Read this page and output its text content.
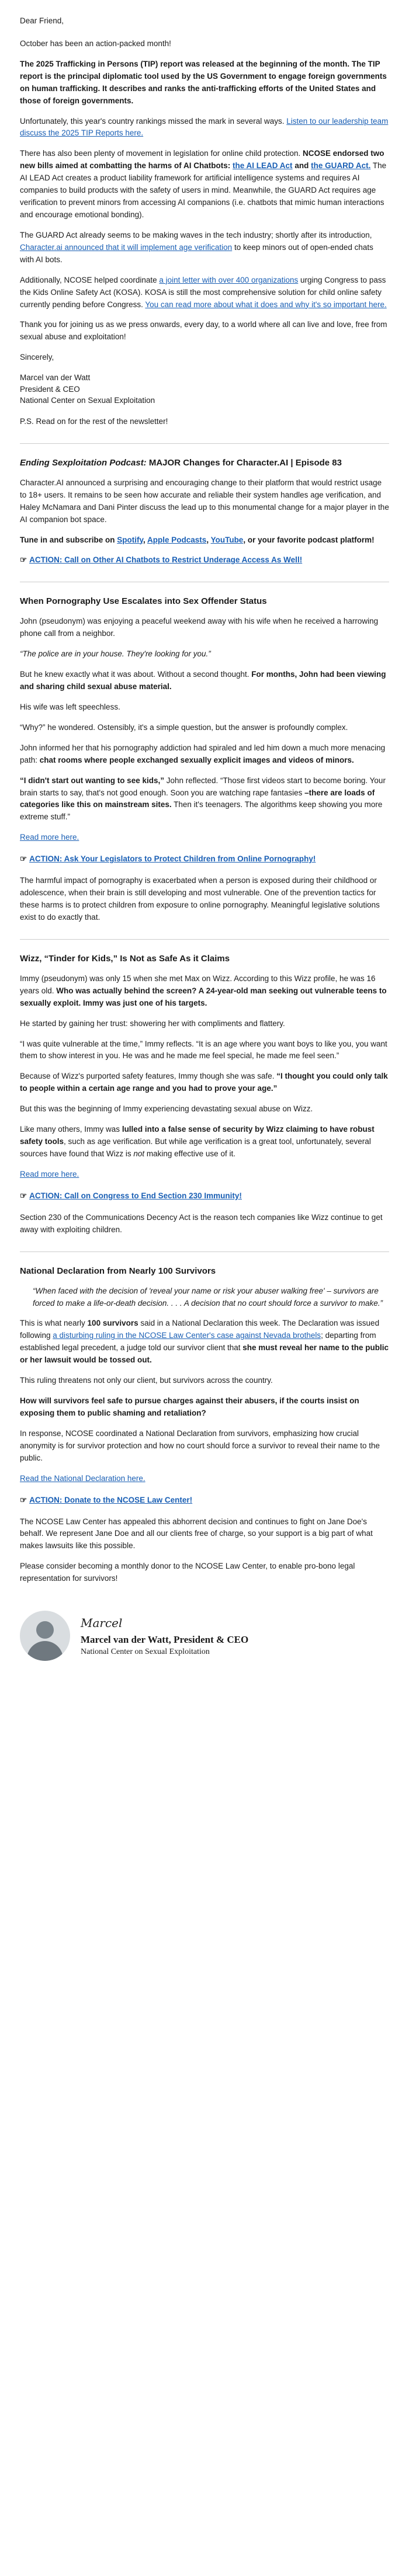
Dear Friend,

October has been an action-packed month!

The 2025 Trafficking in Persons (TIP) report was released at the beginning of the month. The TIP report is the principal diplomatic tool used by the US Government to engage foreign governments on human trafficking. It describes and ranks the anti-trafficking efforts of the United States and those of foreign governments.

Unfortunately, this year's country rankings missed the mark in several ways. Listen to our leadership team discuss the 2025 TIP Reports here.

There has also been plenty of movement in legislation for online child protection. NCOSE endorsed two new bills aimed at combatting the harms of AI Chatbots: the AI LEAD Act and the GUARD Act. The AI LEAD Act creates a product liability framework for artificial intelligence systems and requires AI companies to build products with the safety of users in mind. Meanwhile, the GUARD Act requires age verification to prevent minors from accessing AI companions (i.e. chatbots that mimic human interactions and encourage emotional bonding).

The GUARD Act already seems to be making waves in the tech industry; shortly after its introduction, Character.ai announced that it will implement age verification to keep minors out of open-ended chats with AI bots.

Additionally, NCOSE helped coordinate a joint letter with over 400 organizations urging Congress to pass the Kids Online Safety Act (KOSA). KOSA is still the most comprehensive solution for child online safety currently pending before Congress. You can read more about what it does and why it's so important here.

Thank you for joining us as we press onwards, every day, to a world where all can live and love, free from sexual abuse and exploitation!

Sincerely,

Marcel van der Watt
President & CEO
National Center on Sexual Exploitation

P.S. Read on for the rest of the newsletter!

Ending Sexploitation Podcast: MAJOR Changes for Character.AI | Episode 83

Character.AI announced a surprising and encouraging change to their platform that would restrict usage to 18+ users. It remains to be seen how accurate and reliable their system handles age verification, and Haley McNamara and Dani Pinter discuss the lead up to this monumental change for a major player in the AI companion bot space.

Tune in and subscribe on Spotify, Apple Podcasts, YouTube, or your favorite podcast platform!

☞ ACTION: Call on Other AI Chatbots to Restrict Underage Access As Well!

When Pornography Use Escalates into Sex Offender Status

John (pseudonym) was enjoying a peaceful weekend away with his wife when he received a harrowing phone call from a neighbor.

“The police are in your house. They're looking for you.”

But he knew exactly what it was about. Without a second thought. For months, John had been viewing and sharing child sexual abuse material.

His wife was left speechless.

“Why?” he wondered. Ostensibly, it's a simple question, but the answer is profoundly complex.

John informed her that his pornography addiction had spiraled and led him down a much more menacing path: chat rooms where people exchanged sexually explicit images and videos of minors.

“I didn't start out wanting to see kids,” John reflected. “Those first videos start to become boring. Your brain starts to say, that's not good enough. Soon you are watching rape fantasies –there are loads of categories like this on mainstream sites. Then it's teenagers. The algorithms keep showing you more extreme stuff.”

Read more here.

☞ ACTION: Ask Your Legislators to Protect Children from Online Pornography!

The harmful impact of pornography is exacerbated when a person is exposed during their childhood or adolescence, when their brain is still developing and most vulnerable. One of the prevention tactics for these harms is to protect children from exposure to online pornography. Meaningful legislative solutions exist to do exactly that.

Wizz, “Tinder for Kids,” Is Not as Safe As it Claims

Immy (pseudonym) was only 15 when she met Max on Wizz. According to this Wizz profile, he was 16 years old. Who was actually behind the screen? A 24-year-old man seeking out vulnerable teens to sexually exploit. Immy was just one of his targets.

He started by gaining her trust: showering her with compliments and flattery.

“I was quite vulnerable at the time,” Immy reflects. “It is an age where you want boys to like you, you want them to show interest in you. He was and he made me feel special, he made me feel seen.”

Because of Wizz's purported safety features, Immy though she was safe. “I thought you could only talk to people within a certain age range and you had to prove your age.”

But this was the beginning of Immy experiencing devastating sexual abuse on Wizz.

Like many others, Immy was lulled into a false sense of security by Wizz claiming to have robust safety tools, such as age verification. But while age verification is a great tool, unfortunately, several sources have found that Wizz is not making effective use of it.

Read more here.

☞ ACTION: Call on Congress to End Section 230 Immunity!

Section 230 of the Communications Decency Act is the reason tech companies like Wizz continue to get away with exploiting children.

National Declaration from Nearly 100 Survivors

“When faced with the decision of 'reveal your name or risk your abuser walking free' – survivors are forced to make a life-or-death decision. . . . A decision that no court should force a survivor to make.”

This is what nearly 100 survivors said in a National Declaration this week. The Declaration was issued following a disturbing ruling in the NCOSE Law Center's case against Nevada brothels; departing from established legal precedent, a judge told our survivor client that she must reveal her name to the public or her lawsuit would be tossed out.

This ruling threatens not only our client, but survivors across the country.

How will survivors feel safe to pursue charges against their abusers, if the courts insist on exposing them to public shaming and retaliation?

In response, NCOSE coordinated a National Declaration from survivors, emphasizing how crucial anonymity is for survivor protection and how no court should force a survivor to reveal their name to the public.

Read the National Declaration here.

☞ ACTION: Donate to the NCOSE Law Center!

The NCOSE Law Center has appealed this abhorrent decision and continues to fight on Jane Doe's behalf. We represent Jane Doe and all our clients free of charge, so your support is a big part of what makes lawsuits like this possible.

Please consider becoming a monthly donor to the NCOSE Law Center, to enable pro-bono legal representation for survivors!

Marcel
Marcel van der Watt, President & CEO
National Center on Sexual Exploitation
